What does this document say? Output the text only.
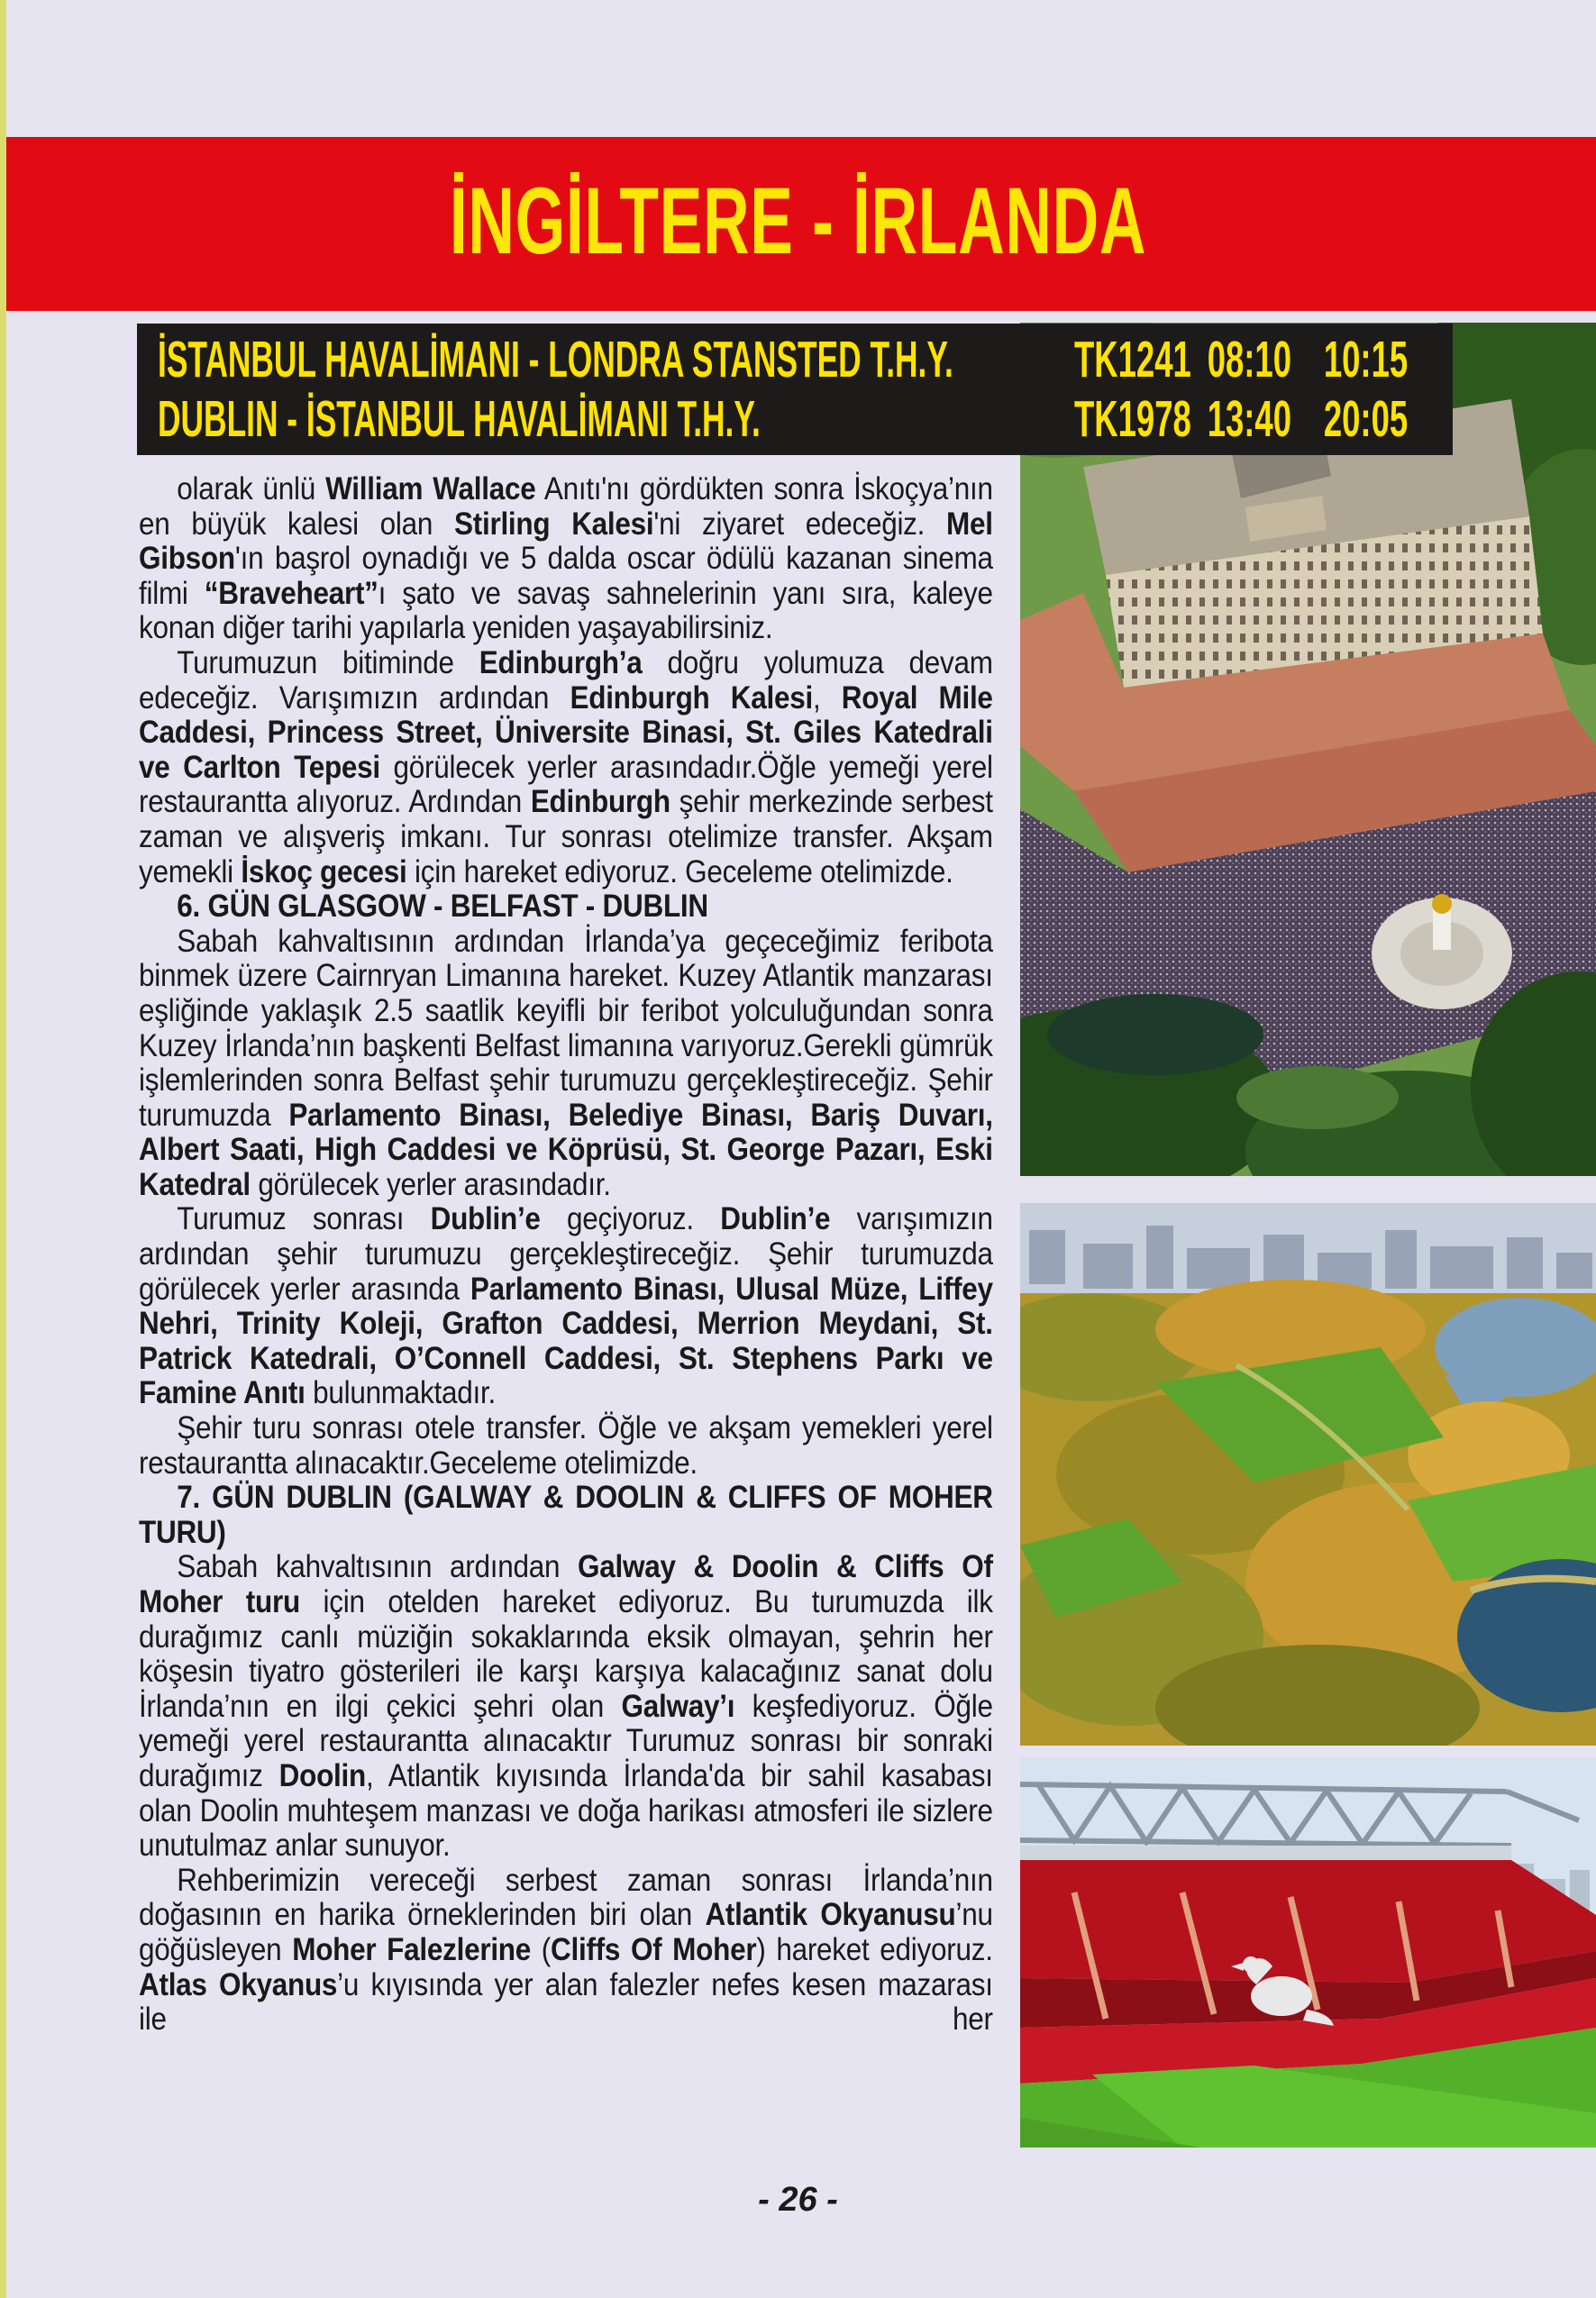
İNGİLTERE - İRLANDA
İSTANBUL HAVALİMANI - LONDRA STANSTED T.H.Y. TK1241 08:10 10:15
DUBLIN - İSTANBUL HAVALİMANI T.H.Y.	TK1978 13:40 20:05

olarak ünlü William Wallace Anıtı'nı gördükten sonra İskoçya’nın en büyük kalesi olan Stirling Kalesi'ni ziyaret edeceğiz. Mel Gibson'ın başrol oynadığı ve 5 dalda oscar ödülü kazanan sinema filmi “Braveheart”ı şato ve savaş sahnelerinin yanı sıra, kaleye konan diğer tarihi yapılarla yeniden yaşayabilirsiniz.

Turumuzun bitiminde Edinburgh’a doğru yolumuza devam edeceğiz. Varışımızın ardından Edinburgh Kalesi, Royal Mile Caddesi, Princess Street, Üniversite Binasi, St. Giles Katedrali ve Carlton Tepesi görülecek yerler arasındadır.Öğle yemeği yerel restaurantta alıyoruz. Ardından Edinburgh şehir merkezinde serbest zaman ve alışveriş imkanı. Tur sonrası otelimize transfer. Akşam yemekli İskoç gecesi için hareket ediyoruz. Geceleme otelimizde.

6. GÜN GLASGOW - BELFAST - DUBLIN

Sabah kahvaltısının ardından İrlanda’ya geçeceğimiz feribota binmek üzere Cairnryan Limanına hareket. Kuzey Atlantik manzarası eşliğinde yaklaşık 2.5 saatlik keyifli bir feribot yolculuğundan sonra Kuzey İrlanda’nın başkenti Belfast limanına varıyoruz.Gerekli gümrük işlemlerinden sonra Belfast şehir turumuzu gerçekleştireceğiz. Şehir turumuzda Parlamento Binası, Belediye Binası, Bariş Duvarı, Albert Saati, High Caddesi ve Köprüsü, St. George Pazarı, Eski Katedral görülecek yerler arasındadır.

Turumuz sonrası Dublin’e geçiyoruz. Dublin’e varışımızın ardından şehir turumuzu gerçekleştireceğiz. Şehir turumuzda görülecek yerler arasında Parlamento Binası, Ulusal Müze, Liffey Nehri, Trinity Koleji, Grafton Caddesi, Merrion Meydani, St. Patrick Katedrali, O’Connell Caddesi, St. Stephens Parkı ve Famine Anıtı bulunmaktadır.

Şehir turu sonrası otele transfer. Öğle ve akşam yemekleri yerel restaurantta alınacaktır.Geceleme otelimizde.

7. GÜN DUBLIN (GALWAY & DOOLIN & CLIFFS OF MOHER TURU)

Sabah kahvaltısının ardından Galway & Doolin & Cliffs Of Moher turu için otelden hareket ediyoruz. Bu turumuzda ilk durağımız canlı müziğin sokaklarında eksik olmayan, şehrin her köşesin tiyatro gösterileri ile karşı karşıya kalacağınız sanat dolu İrlanda’nın en ilgi çekici şehri olan Galway’ı keşfediyoruz. Öğle yemeği yerel restaurantta alınacaktır Turumuz sonrası bir sonraki durağımız Doolin, Atlantik kıyısında İrlanda'da bir sahil kasabası olan Doolin muhteşem manzası ve doğa harikası atmosferi ile sizlere unutulmaz anlar sunuyor.

Rehberimizin vereceği serbest zaman sonrası İrlanda’nın doğasının en harika örneklerinden biri olan Atlantik Okyanusu’nu göğüsleyen Moher Falezlerine (Cliffs Of Moher) hareket ediyoruz. Atlas Okyanus’u kıyısında yer alan falezler nefes kesen mazarası ile her

- 26 -
